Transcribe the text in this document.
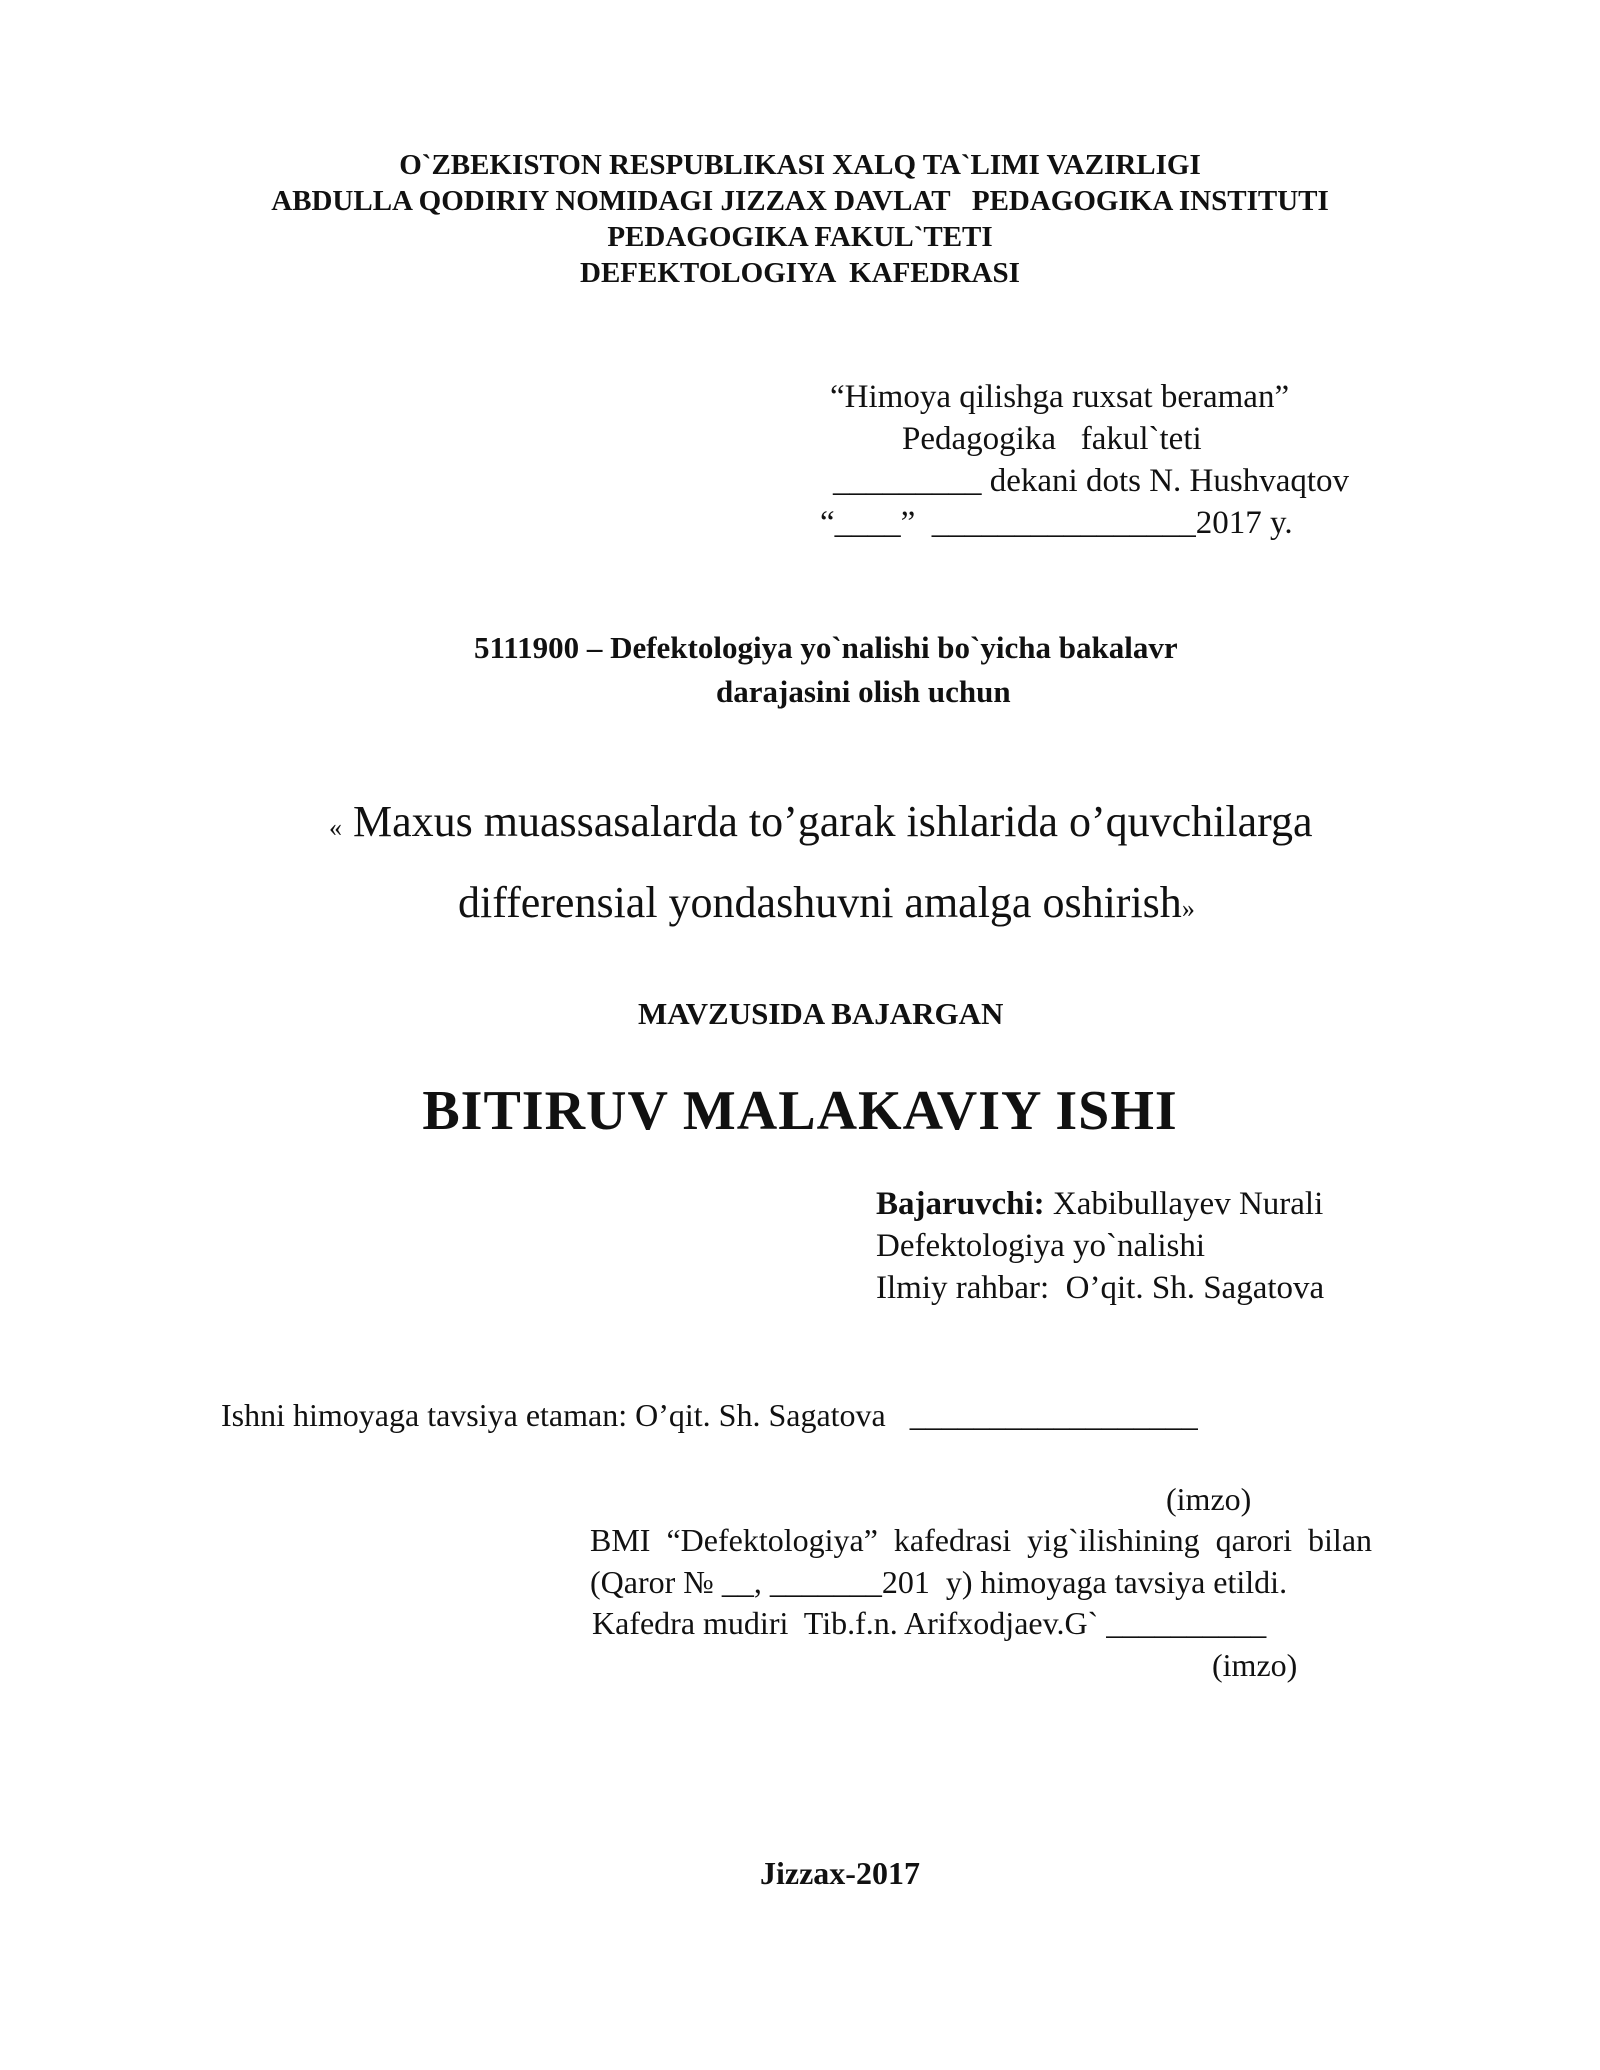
O`ZBEKISTON RESPUBLIKASI XALQ TA`LIMI VAZIRLIGI
ABDULLA QODIRIY NOMIDAGI JIZZAX DAVLAT   PEDAGOGIKA INSTITUTI
PEDAGOGIKA FAKUL`TETI
DEFEKTOLOGIYA  KAFEDRASI
“Himoya qilishga ruxsat beraman”
Pedagogika   fakul`teti
_________ dekani dots N. Hushvaqtov
“____”  ________________2017 y.
5111900 – Defektologiya yo`nalishi bo`yicha bakalavr
darajasini olish uchun
« Maxus muassasalarda to’garak ishlarida o’quvchilarga
differensial yondashuvni amalga oshirish»
MAVZUSIDA BAJARGAN
BITIRUV MALAKAVIY ISHI
Bajaruvchi: Xabibullayev Nurali
Defektologiya yo`nalishi
Ilmiy rahbar:  O’qit. Sh. Sagatova
Ishni himoyaga tavsiya etaman: O’qit. Sh. Sagatova   __________________
(imzo)
BMI  “Defektologiya”  kafedrasi  yig`ilishining  qarori  bilan
(Qaror № __, _______201  y) himoyaga tavsiya etildi.
Kafedra mudiri  Tib.f.n. Arifxodjaev.G` __________
(imzo)
Jizzax-2017
